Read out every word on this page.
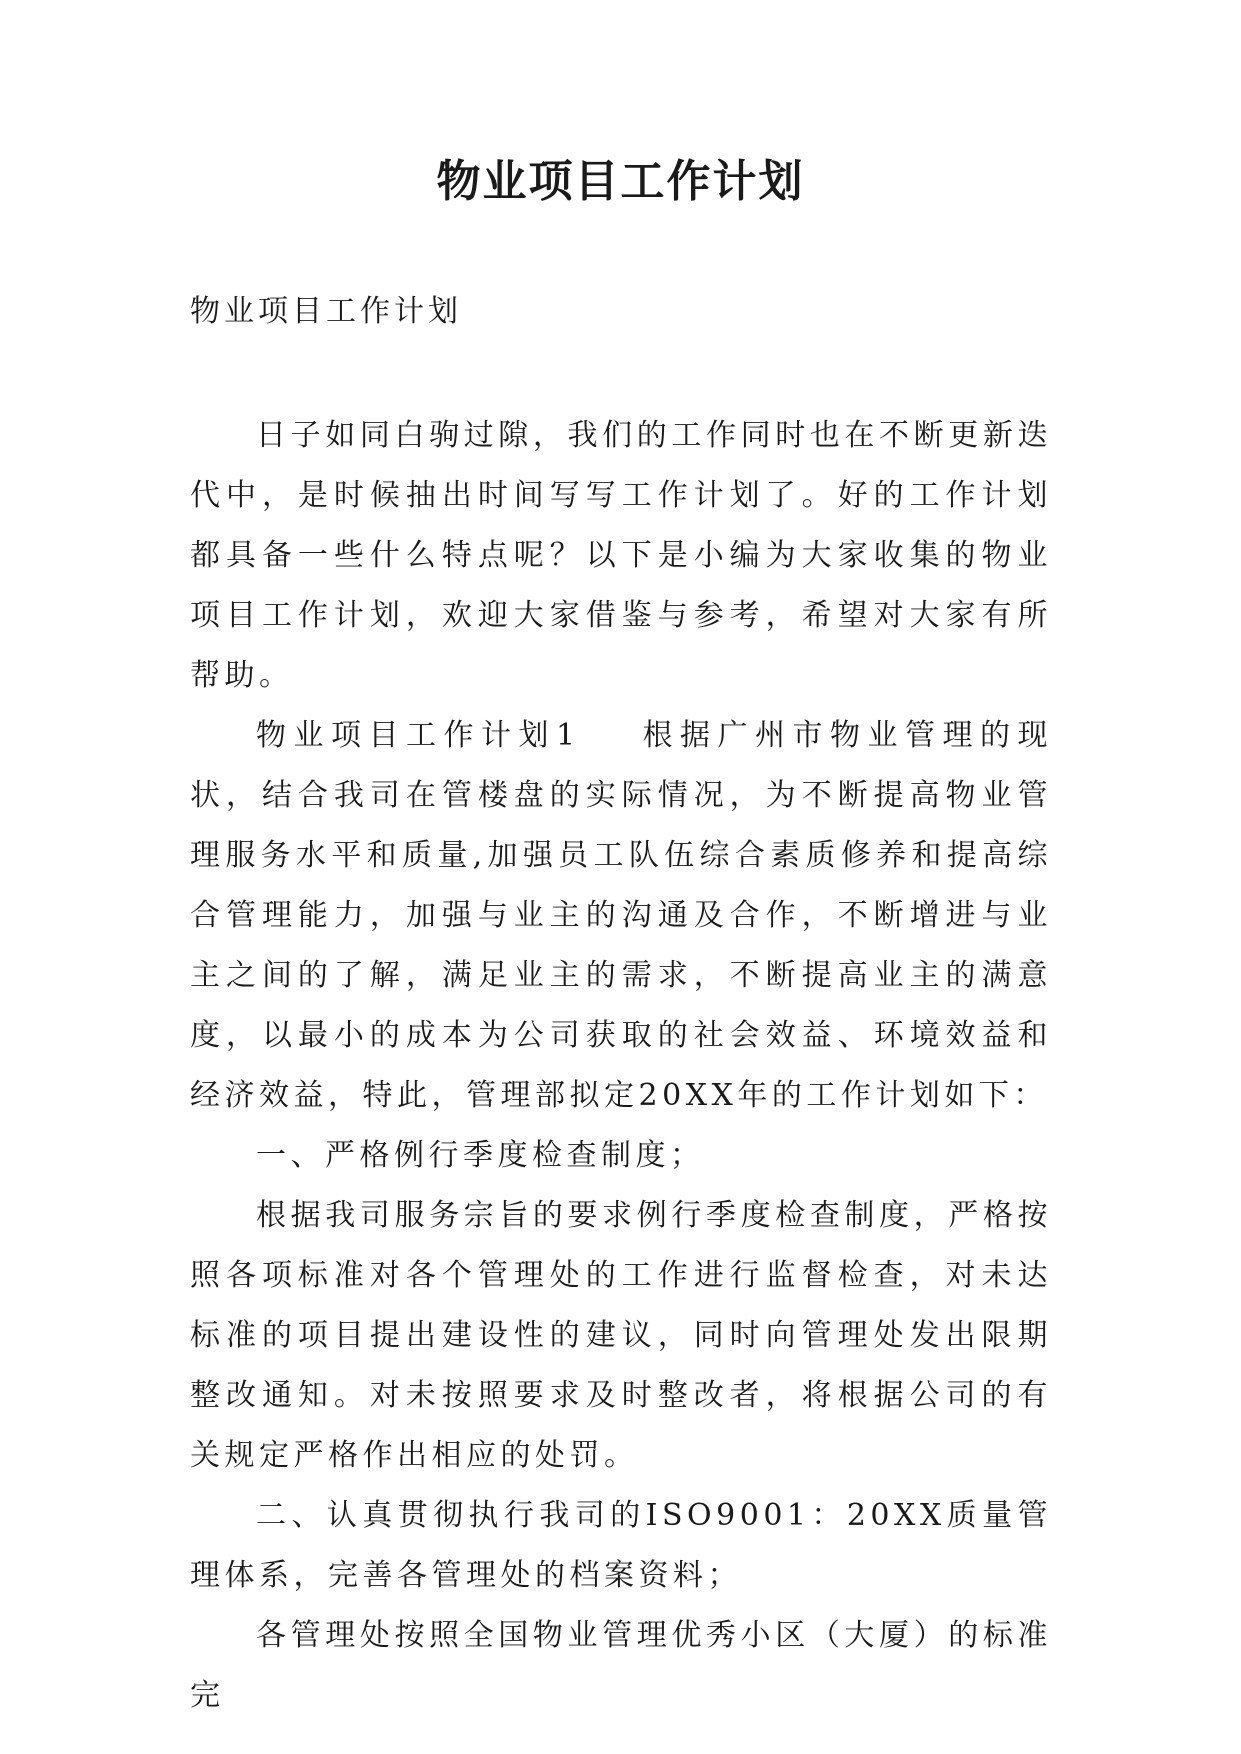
物业项目工作计划
物业项目工作计划

日子如同白驹过隙，我们的工作同时也在不断更新迭代中，是时候抽出时间写写工作计划了。好的工作计划都具备一些什么特点呢？以下是小编为大家收集的物业项目工作计划，欢迎大家借鉴与参考，希望对大家有所帮助。

物业项目工作计划1 根据广州市物业管理的现状，结合我司在管楼盘的实际情况，为不断提高物业管理服务水平和质量,加强员工队伍综合素质修养和提高综合管理能力，加强与业主的沟通及合作，不断增进与业主之间的了解，满足业主的需求，不断提高业主的满意度，以最小的成本为公司获取的社会效益、环境效益和经济效益，特此，管理部拟定20XX年的工作计划如下：

一、严格例行季度检查制度；

根据我司服务宗旨的要求例行季度检查制度，严格按照各项标准对各个管理处的工作进行监督检查，对未达标准的项目提出建设性的建议，同时向管理处发出限期整改通知。对未按照要求及时整改者，将根据公司的有关规定严格作出相应的处罚。

二、认真贯彻执行我司的ISO9001：20XX质量管理体系，完善各管理处的档案资料；

各管理处按照全国物业管理优秀小区（大厦）的标准完
